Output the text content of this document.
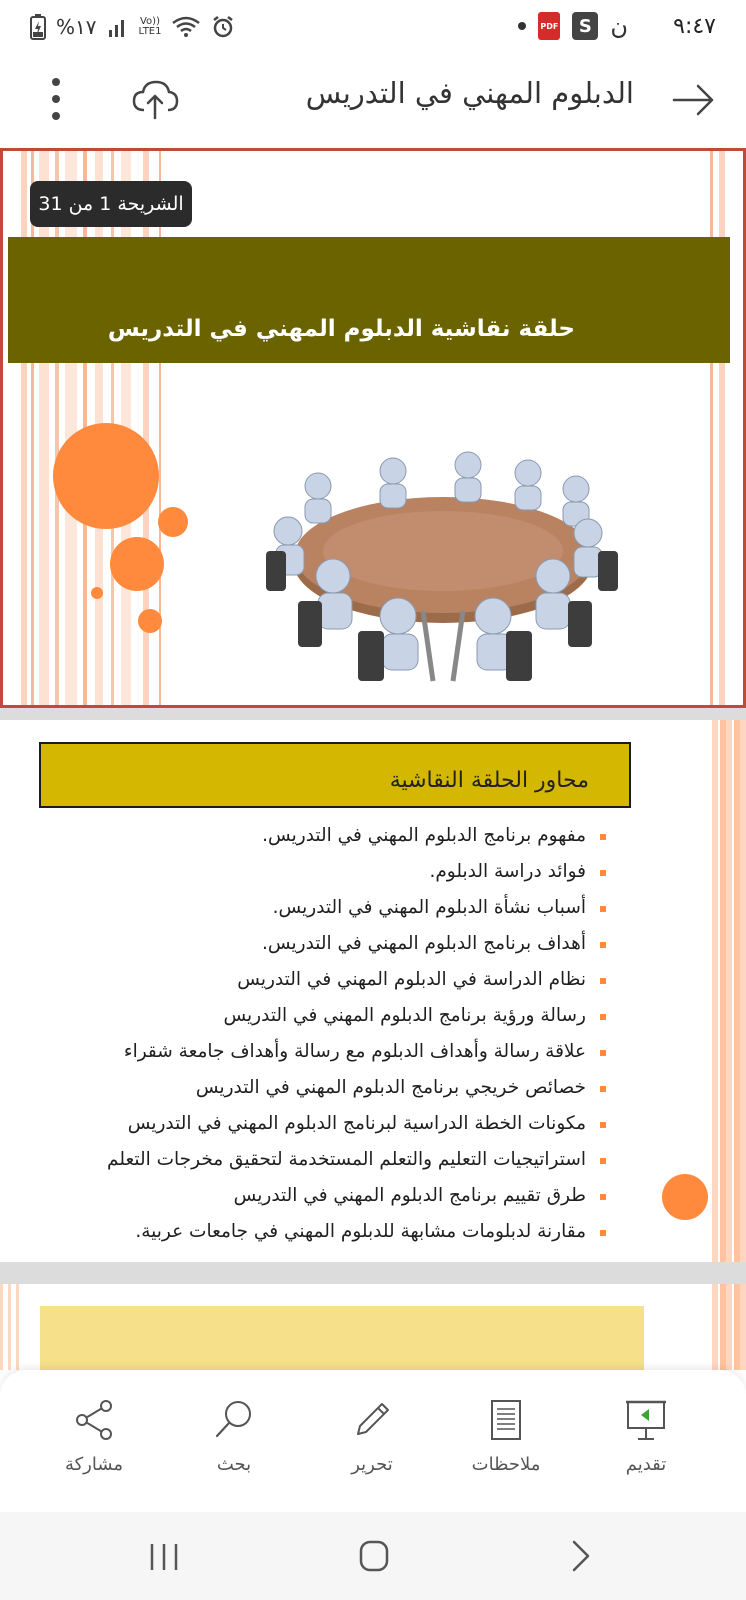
٩:٤٧
PDF	S ن
%١٧	Vo))
LTE1
الدبلوم المهني في التدريس
الشريحة 1 من 31
حلقة نقاشية الدبلوم المهني في التدريس
محاور الحلقة النقاشية
مفهوم برنامج الدبلوم المهني في التدريس.
فوائد دراسة الدبلوم.
أسباب نشأة الدبلوم المهني في التدريس.
أهداف برنامج الدبلوم المهني في التدريس.
نظام الدراسة في الدبلوم المهني في التدريس
رسالة ورؤية برنامج الدبلوم المهني في التدريس
علاقة رسالة وأهداف الدبلوم مع رسالة وأهداف جامعة شقراء
خصائص خريجي برنامج الدبلوم المهني في التدريس
مكونات الخطة الدراسية لبرنامج الدبلوم المهني في التدريس
استراتيجيات التعليم والتعلم المستخدمة لتحقيق مخرجات التعلم
طرق تقييم برنامج الدبلوم المهني في التدريس
مقارنة لدبلومات مشابهة للدبلوم المهني في جامعات عربية.
تقديم
ملاحظات
تحرير
بحث
مشاركة
